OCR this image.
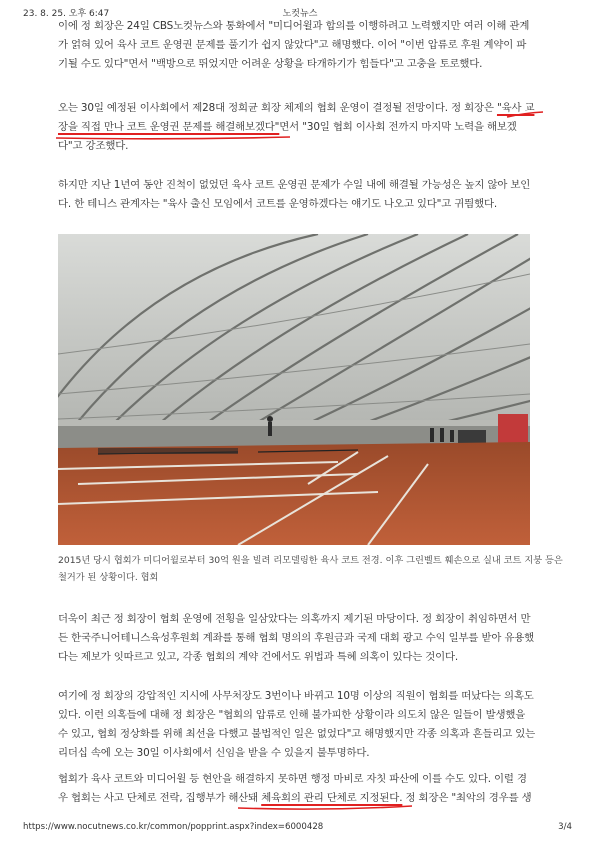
23. 8. 25. 오후 6:47	노컷뉴스
이에 정 회장은 24일 CBS노컷뉴스와 통화에서 "미디어윌과 합의를 이행하려고 노력했지만 여러 이해 관계
가 얽혀 있어 육사 코트 운영권 문제를 풀기가 쉽지 않았다"고 해명했다. 이어 "이번 압류로 후원 계약이 파
기될 수도 있다"면서 "백방으로 뛰었지만 어려운 상황을 타개하기가 힘들다"고 고충을 토로했다.
오는 30일 예정된 이사회에서 제28대 정희균 회장 체제의 협회 운영이 결정될 전망이다. 정 회장은 "육사 교
장을 직접 만나 코트 운영권 문제를 해결해보겠다"면서 "30일 협회 이사회 전까지 마지막 노력을 해보겠
다"고 강조했다.
하지만 지난 1년여 동안 진척이 없었던 육사 코트 운영권 문제가 수일 내에 해결될 가능성은 높지 않아 보인
다. 한 테니스 관계자는 "육사 출신 모임에서 코트를 운영하겠다는 얘기도 나오고 있다"고 귀띔했다.
2015년 당시 협회가 미디어윌로부터 30억 원을 빌려 리모델링한 육사 코트 전경. 이후 그린벨트 훼손으로 실내 코트 지붕 등은
철거가 된 상황이다. 협회
더욱이 최근 정 회장이 협회 운영에 전횡을 일삼았다는 의혹까지 제기된 마당이다. 정 회장이 취임하면서 만
든 한국주니어테니스육성후원회 계좌를 통해 협회 명의의 후원금과 국제 대회 광고 수익 일부를 받아 유용했
다는 제보가 잇따르고 있고, 각종 협회의 계약 건에서도 위법과 특혜 의혹이 있다는 것이다.
여기에 정 회장의 강압적인 지시에 사무처장도 3번이나 바뀌고 10명 이상의 직원이 협회를 떠났다는 의혹도
있다. 이런 의혹들에 대해 정 회장은 "협회의 압류로 인해 불가피한 상황이라 의도치 않은 일들이 발생했을
수 있고, 협회 정상화를 위해 최선을 다했고 불법적인 일은 없었다"고 해명했지만 각종 의혹과 흔들리고 있는
리더십 속에 오는 30일 이사회에서 신임을 받을 수 있을지 불투명하다.
협회가 육사 코트와 미디어윌 등 현안을 해결하지 못하면 행정 마비로 자칫 파산에 이를 수도 있다. 이럴 경
우 협회는 사고 단체로 전락, 집행부가 해산돼 체육회의 관리 단체로 지정된다. 정 회장은 "최악의 경우를 생
https://www.nocutnews.co.kr/common/popprint.aspx?index=6000428	3/4
